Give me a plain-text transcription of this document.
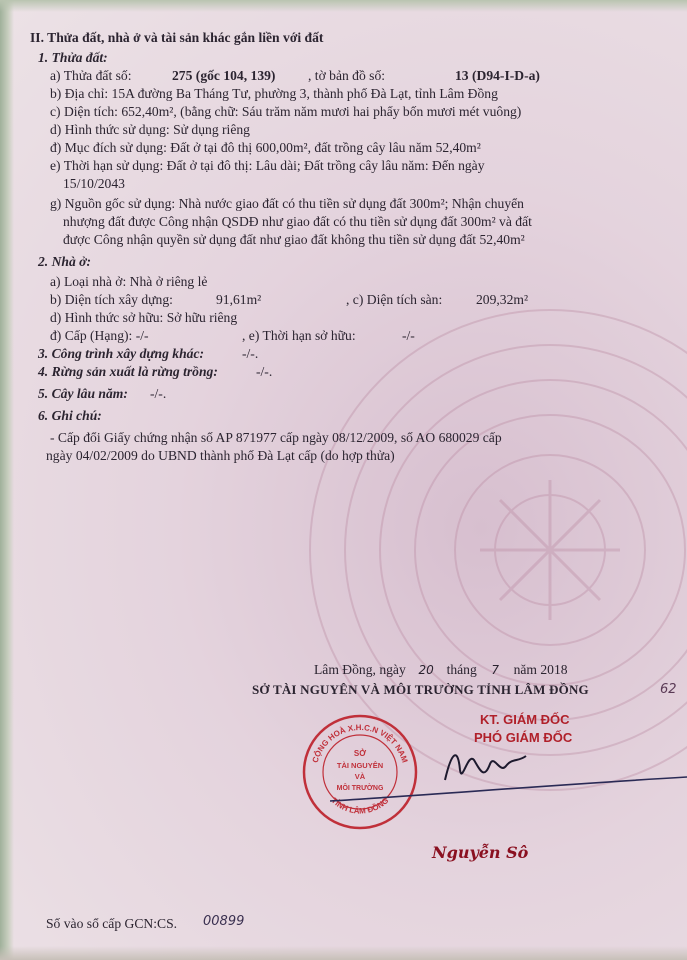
II. Thửa đất, nhà ở và tài sản khác gắn liền với đất
1. Thửa đất:
a) Thửa đất số:	275 (gốc 104, 139) , tờ bản đồ số:	13 (D94-I-D-a)
b) Địa chỉ: 15A đường Ba Tháng Tư, phường 3, thành phố Đà Lạt, tỉnh Lâm Đồng
c) Diện tích: 652,40m², (bằng chữ: Sáu trăm năm mươi hai phẩy bốn mươi mét vuông)
d) Hình thức sử dụng: Sử dụng riêng
đ) Mục đích sử dụng: Đất ở tại đô thị 600,00m², đất trồng cây lâu năm 52,40m²
e) Thời hạn sử dụng: Đất ở tại đô thị: Lâu dài; Đất trồng cây lâu năm: Đến ngày
15/10/2043
g) Nguồn gốc sử dụng: Nhà nước giao đất có thu tiền sử dụng đất 300m²; Nhận chuyển
nhượng đất được Công nhận QSDĐ như giao đất có thu tiền sử dụng đất 300m² và đất
được Công nhận quyền sử dụng đất như giao đất không thu tiền sử dụng đất 52,40m²
2. Nhà ở:
a) Loại nhà ở: Nhà ở riêng lẻ
b) Diện tích xây dựng:	91,61m²	, c) Diện tích sàn: 209,32m²
d) Hình thức sở hữu: Sở hữu riêng
đ) Cấp (Hạng): -/-	, e) Thời hạn sở hữu:	-/-
3. Công trình xây dựng khác:	-/-.
4. Rừng sản xuất là rừng trồng:	-/-.
5. Cây lâu năm: -/-.
6. Ghi chú:
- Cấp đổi Giấy chứng nhận số AP 871977 cấp ngày 08/12/2009, số AO 680029 cấp
ngày 04/02/2009 do UBND thành phố Đà Lạt cấp (do hợp thửa)
Lâm Đồng, ngày 20 tháng 7 năm 2018
SỞ TÀI NGUYÊN VÀ MÔI TRƯỜNG TỈNH LÂM ĐỒNG	62
KT. GIÁM ĐỐC
PHÓ GIÁM ĐỐC
CỘNG HOÀ X.H.C.N VIỆT NAM
TỈNH LÂM ĐỒNG
SỞ
TÀI NGUYÊN
VÀ
MÔI TRƯỜNG
Nguyễn Sô
Số vào sổ cấp GCN:CS. 00899
